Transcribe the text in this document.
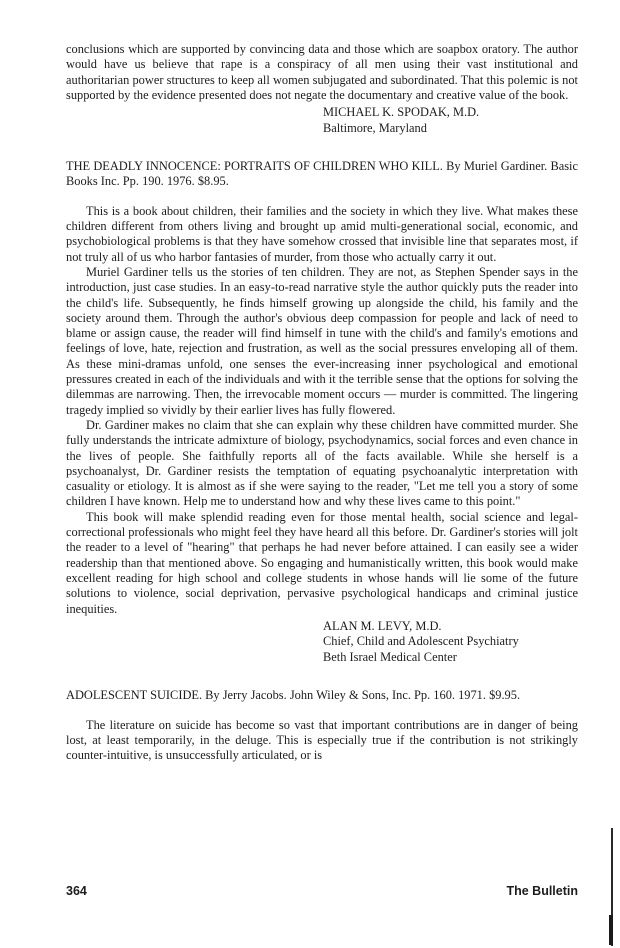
conclusions which are supported by convincing data and those which are soapbox oratory. The author would have us believe that rape is a conspiracy of all men using their vast institutional and authoritarian power structures to keep all women subjugated and subordinated. That this polemic is not supported by the evidence presented does not negate the documentary and creative value of the book.

MICHAEL K. SPODAK, M.D.
Baltimore, Maryland

THE DEADLY INNOCENCE: PORTRAITS OF CHILDREN WHO KILL. By Muriel Gardiner. Basic Books Inc. Pp. 190. 1976. $8.95.

This is a book about children, their families and the society in which they live. What makes these children different from others living and brought up amid multi-generational social, economic, and psychobiological problems is that they have somehow crossed that invisible line that separates most, if not truly all of us who harbor fantasies of murder, from those who actually carry it out.

Muriel Gardiner tells us the stories of ten children. They are not, as Stephen Spender says in the introduction, just case studies. In an easy-to-read narrative style the author quickly puts the reader into the child's life. Subsequently, he finds himself growing up alongside the child, his family and the society around them. Through the author's obvious deep compassion for people and lack of need to blame or assign cause, the reader will find himself in tune with the child's and family's emotions and feelings of love, hate, rejection and frustration, as well as the social pressures enveloping all of them. As these mini-dramas unfold, one senses the ever-increasing inner psychological and emotional pressures created in each of the individuals and with it the terrible sense that the options for solving the dilemmas are narrowing. Then, the irrevocable moment occurs — murder is committed. The lingering tragedy implied so vividly by their earlier lives has fully flowered.

Dr. Gardiner makes no claim that she can explain why these children have committed murder. She fully understands the intricate admixture of biology, psychodynamics, social forces and even chance in the lives of people. She faithfully reports all of the facts available. While she herself is a psychoanalyst, Dr. Gardiner resists the temptation of equating psychoanalytic interpretation with casuality or etiology. It is almost as if she were saying to the reader, "Let me tell you a story of some children I have known. Help me to understand how and why these lives came to this point."

This book will make splendid reading even for those mental health, social science and legal-correctional professionals who might feel they have heard all this before. Dr. Gardiner's stories will jolt the reader to a level of "hearing" that perhaps he had never before attained. I can easily see a wider readership than that mentioned above. So engaging and humanistically written, this book would make excellent reading for high school and college students in whose hands will lie some of the future solutions to violence, social deprivation, pervasive psychological handicaps and criminal justice inequities.

ALAN M. LEVY, M.D.
Chief, Child and Adolescent Psychiatry
Beth Israel Medical Center

ADOLESCENT SUICIDE. By Jerry Jacobs. John Wiley & Sons, Inc. Pp. 160. 1971. $9.95.

The literature on suicide has become so vast that important contributions are in danger of being lost, at least temporarily, in the deluge. This is especially true if the contribution is not strikingly counter-intuitive, is unsuccessfully articulated, or is

364	The Bulletin
